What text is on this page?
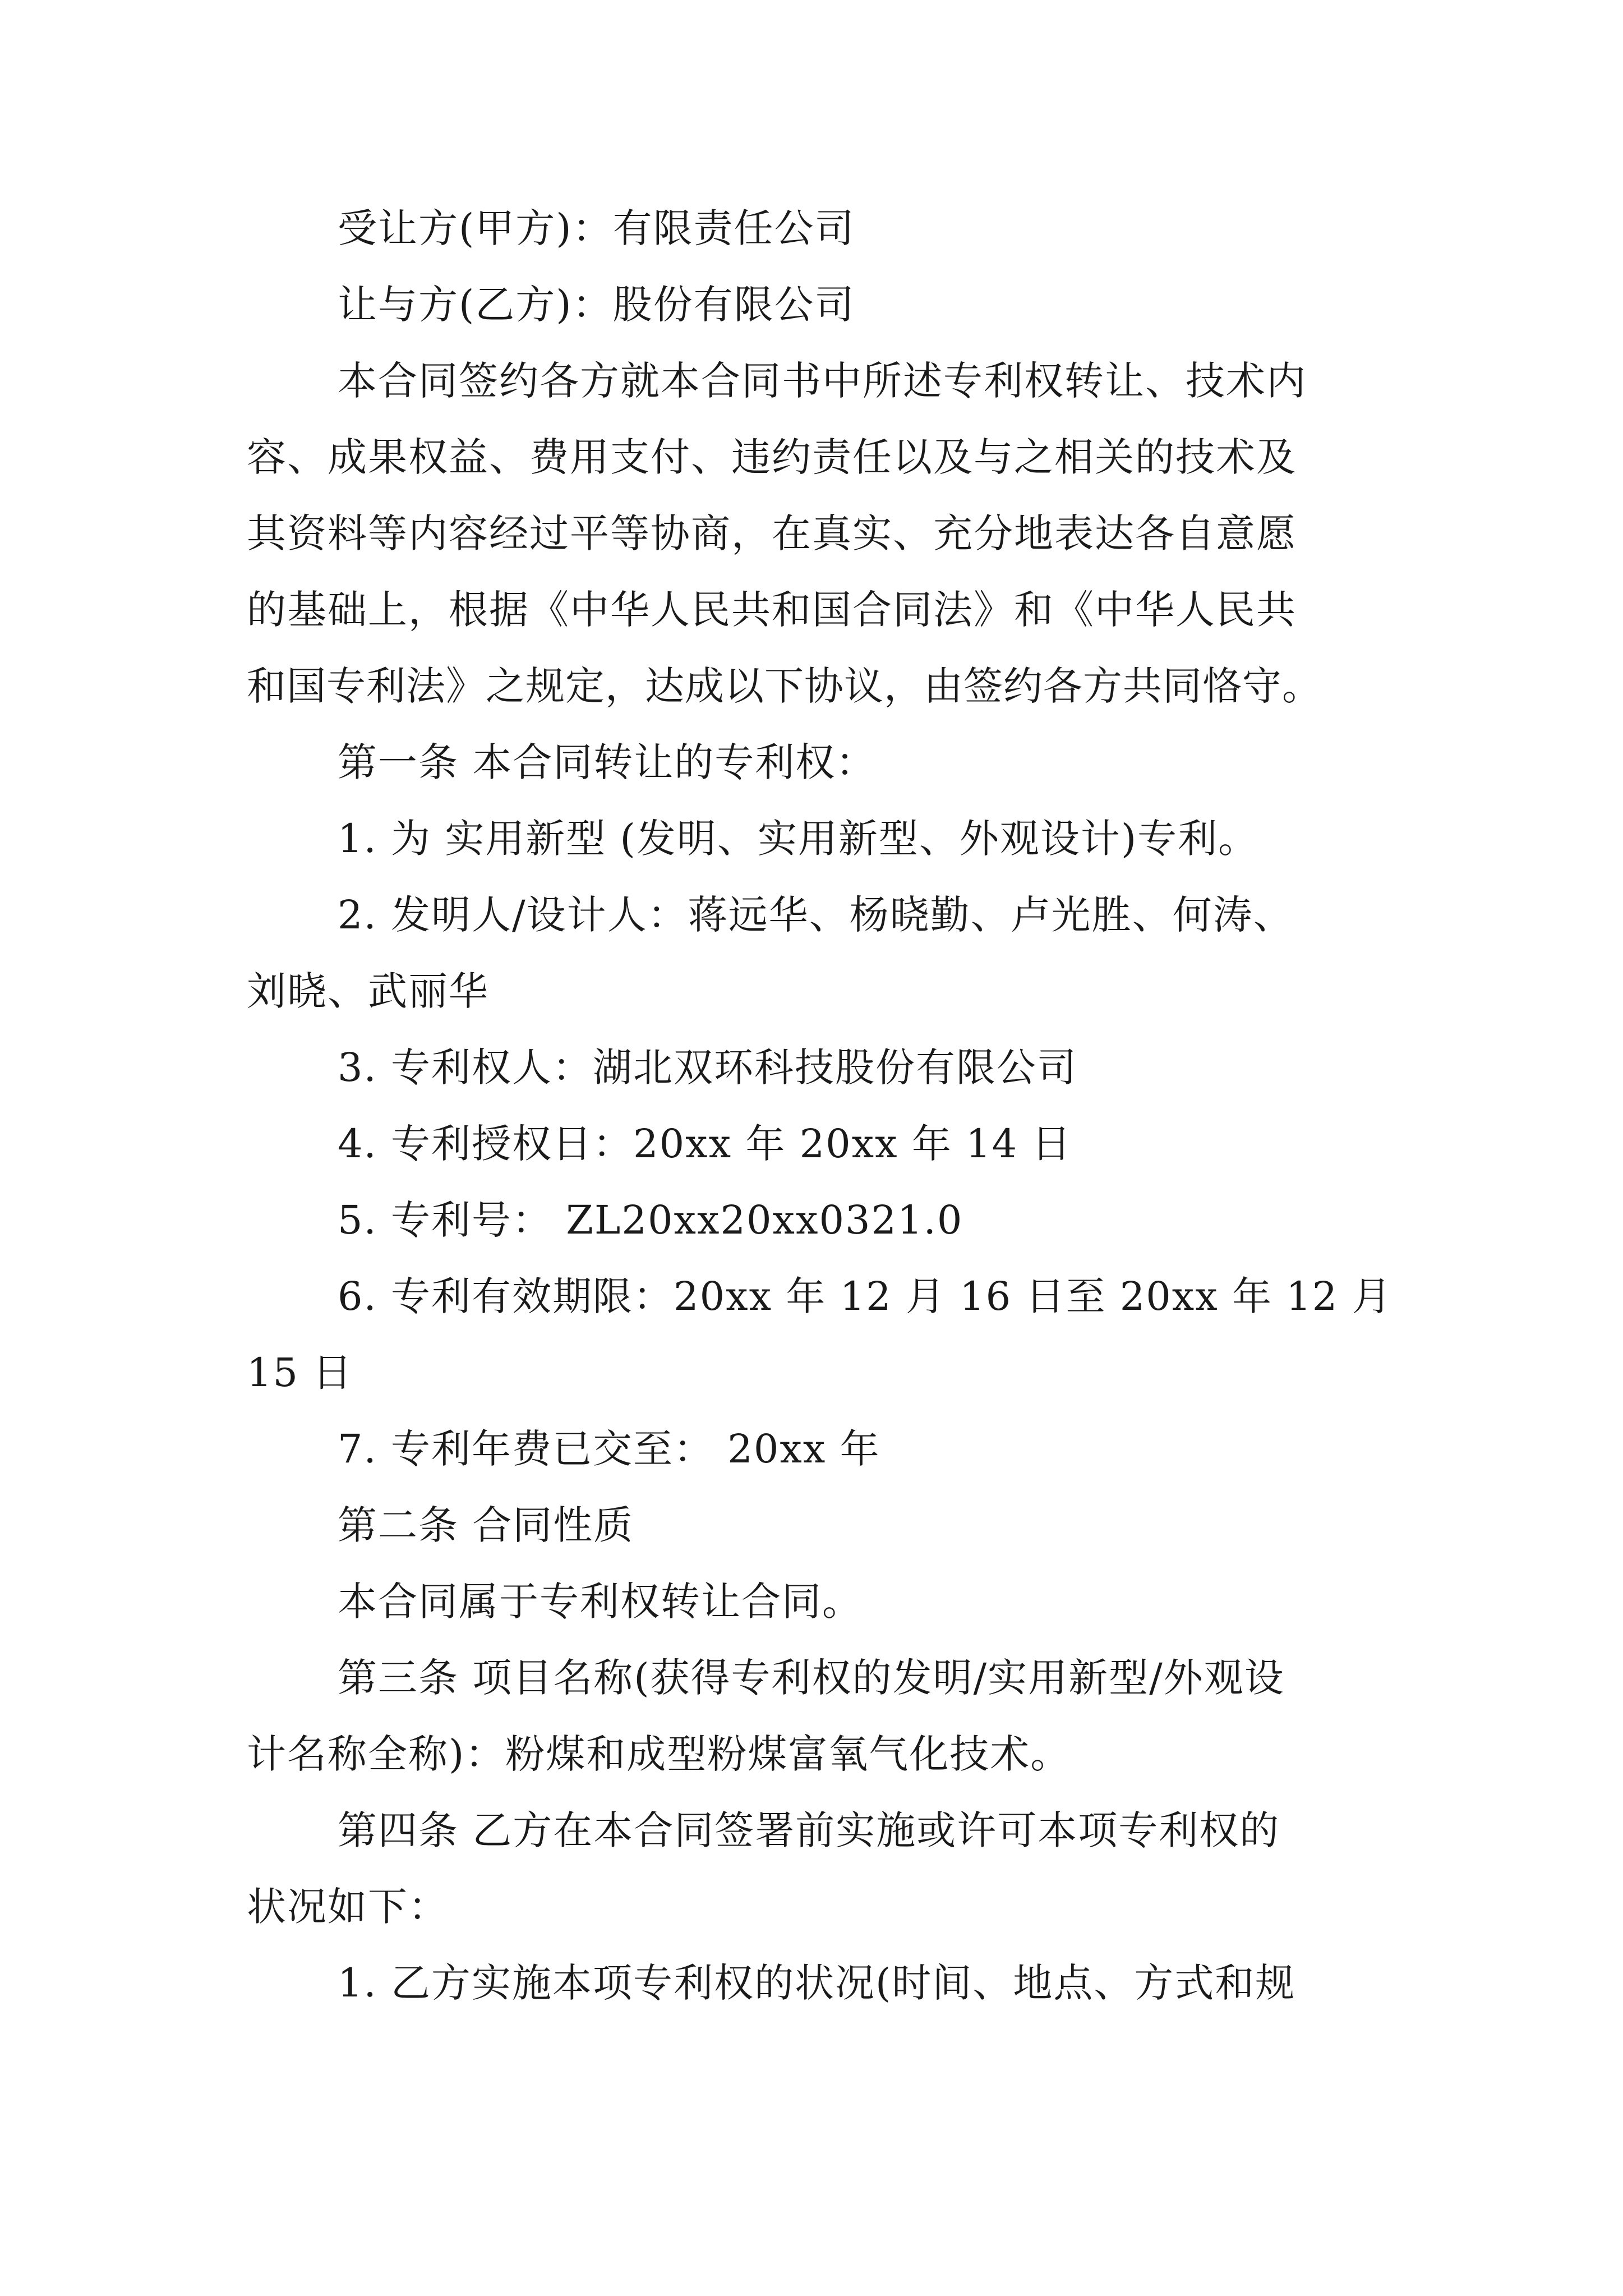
受让方(甲方)：有限责任公司
让与方(乙方)：股份有限公司
本合同签约各方就本合同书中所述专利权转让、技术内
容、成果权益、费用支付、违约责任以及与之相关的技术及
其资料等内容经过平等协商，在真实、充分地表达各自意愿
的基础上，根据《中华人民共和国合同法》和《中华人民共
和国专利法》之规定，达成以下协议，由签约各方共同恪守。
第一条 本合同转让的专利权：
1. 为 实用新型 (发明、实用新型、外观设计)专利。
2. 发明人/设计人：蒋远华、杨晓勤、卢光胜、何涛、
刘晓、武丽华
3. 专利权人：湖北双环科技股份有限公司
4. 专利授权日：20xx 年 20xx 年 14 日
5. 专利号： ZL20xx20xx0321.0
6. 专利有效期限：20xx 年 12 月 16 日至 20xx 年 12 月
15 日
7. 专利年费已交至： 20xx 年
第二条 合同性质
本合同属于专利权转让合同。
第三条 项目名称(获得专利权的发明/实用新型/外观设
计名称全称)：粉煤和成型粉煤富氧气化技术。
第四条 乙方在本合同签署前实施或许可本项专利权的
状况如下：
1. 乙方实施本项专利权的状况(时间、地点、方式和规
